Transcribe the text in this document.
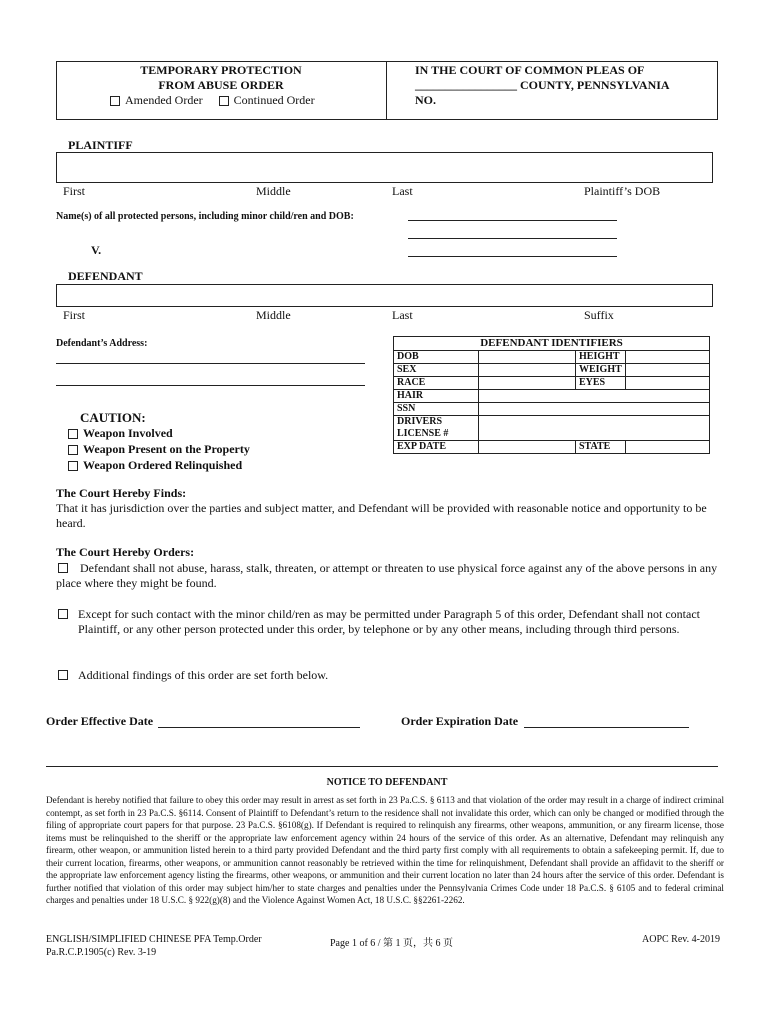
TEMPORARY PROTECTION
FROM ABUSE ORDER
Amended Order	Continued Order
IN THE COURT OF COMMON PLEAS OF
_________________ COUNTY, PENNSYLVANIA
NO.
PLAINTIFF
First	Middle	Last	Plaintiff’s DOB
Name(s) of all protected persons, including minor child/ren and DOB:
V.
DEFENDANT
First	Middle	Last	Suffix
Defendant’s Address:	DEFENDANT IDENTIFIERS			
DOB		HEIGHT	
SEX		WEIGHT	
RACE		EYES	
HAIR			
SSN			
DRIVERS
LICENSE #			
EXP DATE		STATE	
CAUTION:
Weapon Involved
Weapon Present on the Property
Weapon Ordered Relinquished
The Court Hereby Finds:
That it has jurisdiction over the parties and subject matter, and Defendant will be provided with reasonable notice and opportunity to be heard.
The Court Hereby Orders:
Defendant shall not abuse, harass, stalk, threaten, or attempt or threaten to use physical force against any of the above persons in any place where they might be found.
Except for such contact with the minor child/ren as may be permitted under Paragraph 5 of this order, Defendant shall not contact Plaintiff, or any other person protected under this order, by telephone or by any other means, including through third persons.
Additional findings of this order are set forth below.
Order Effective Date	Order Expiration Date
NOTICE TO DEFENDANT
Defendant is hereby notified that failure to obey this order may result in arrest as set forth in 23 Pa.C.S. § 6113 and that violation of the order may result in a charge of indirect criminal contempt, as set forth in 23 Pa.C.S. §6114. Consent of Plaintiff to Defendant’s return to the residence shall not invalidate this order, which can only be changed or modified through the filing of appropriate court papers for that purpose. 23 Pa.C.S. §6108(g). If Defendant is required to relinquish any firearms, other weapons, ammunition, or any firearm license, those items must be relinquished to the sheriff or the appropriate law enforcement agency within 24 hours of the service of this order. As an alternative, Defendant may relinquish any firearm, other weapon, or ammunition listed herein to a third party provided Defendant and the third party first comply with all requirements to obtain a safekeeping permit. If, due to their current location, firearms, other weapons, or ammunition cannot reasonably be retrieved within the time for relinquishment, Defendant shall provide an affidavit to the sheriff or the appropriate law enforcement agency listing the firearms, other weapons, or ammunition and their current location no later than 24 hours after the service of this order. Defendant is further notified that violation of this order may subject him/her to state charges and penalties under the Pennsylvania Crimes Code under 18 Pa.C.S. § 6105 and to federal criminal charges and penalties under 18 U.S.C. § 922(g)(8) and the Violence Against Women Act, 18 U.S.C. §§2261-2262.
ENGLISH/SIMPLIFIED CHINESE PFA Temp.Order
Pa.R.C.P.1905(c) Rev. 3-19
Page 1 of 6 / 第 1 页，共 6 页	AOPC Rev. 4-2019
